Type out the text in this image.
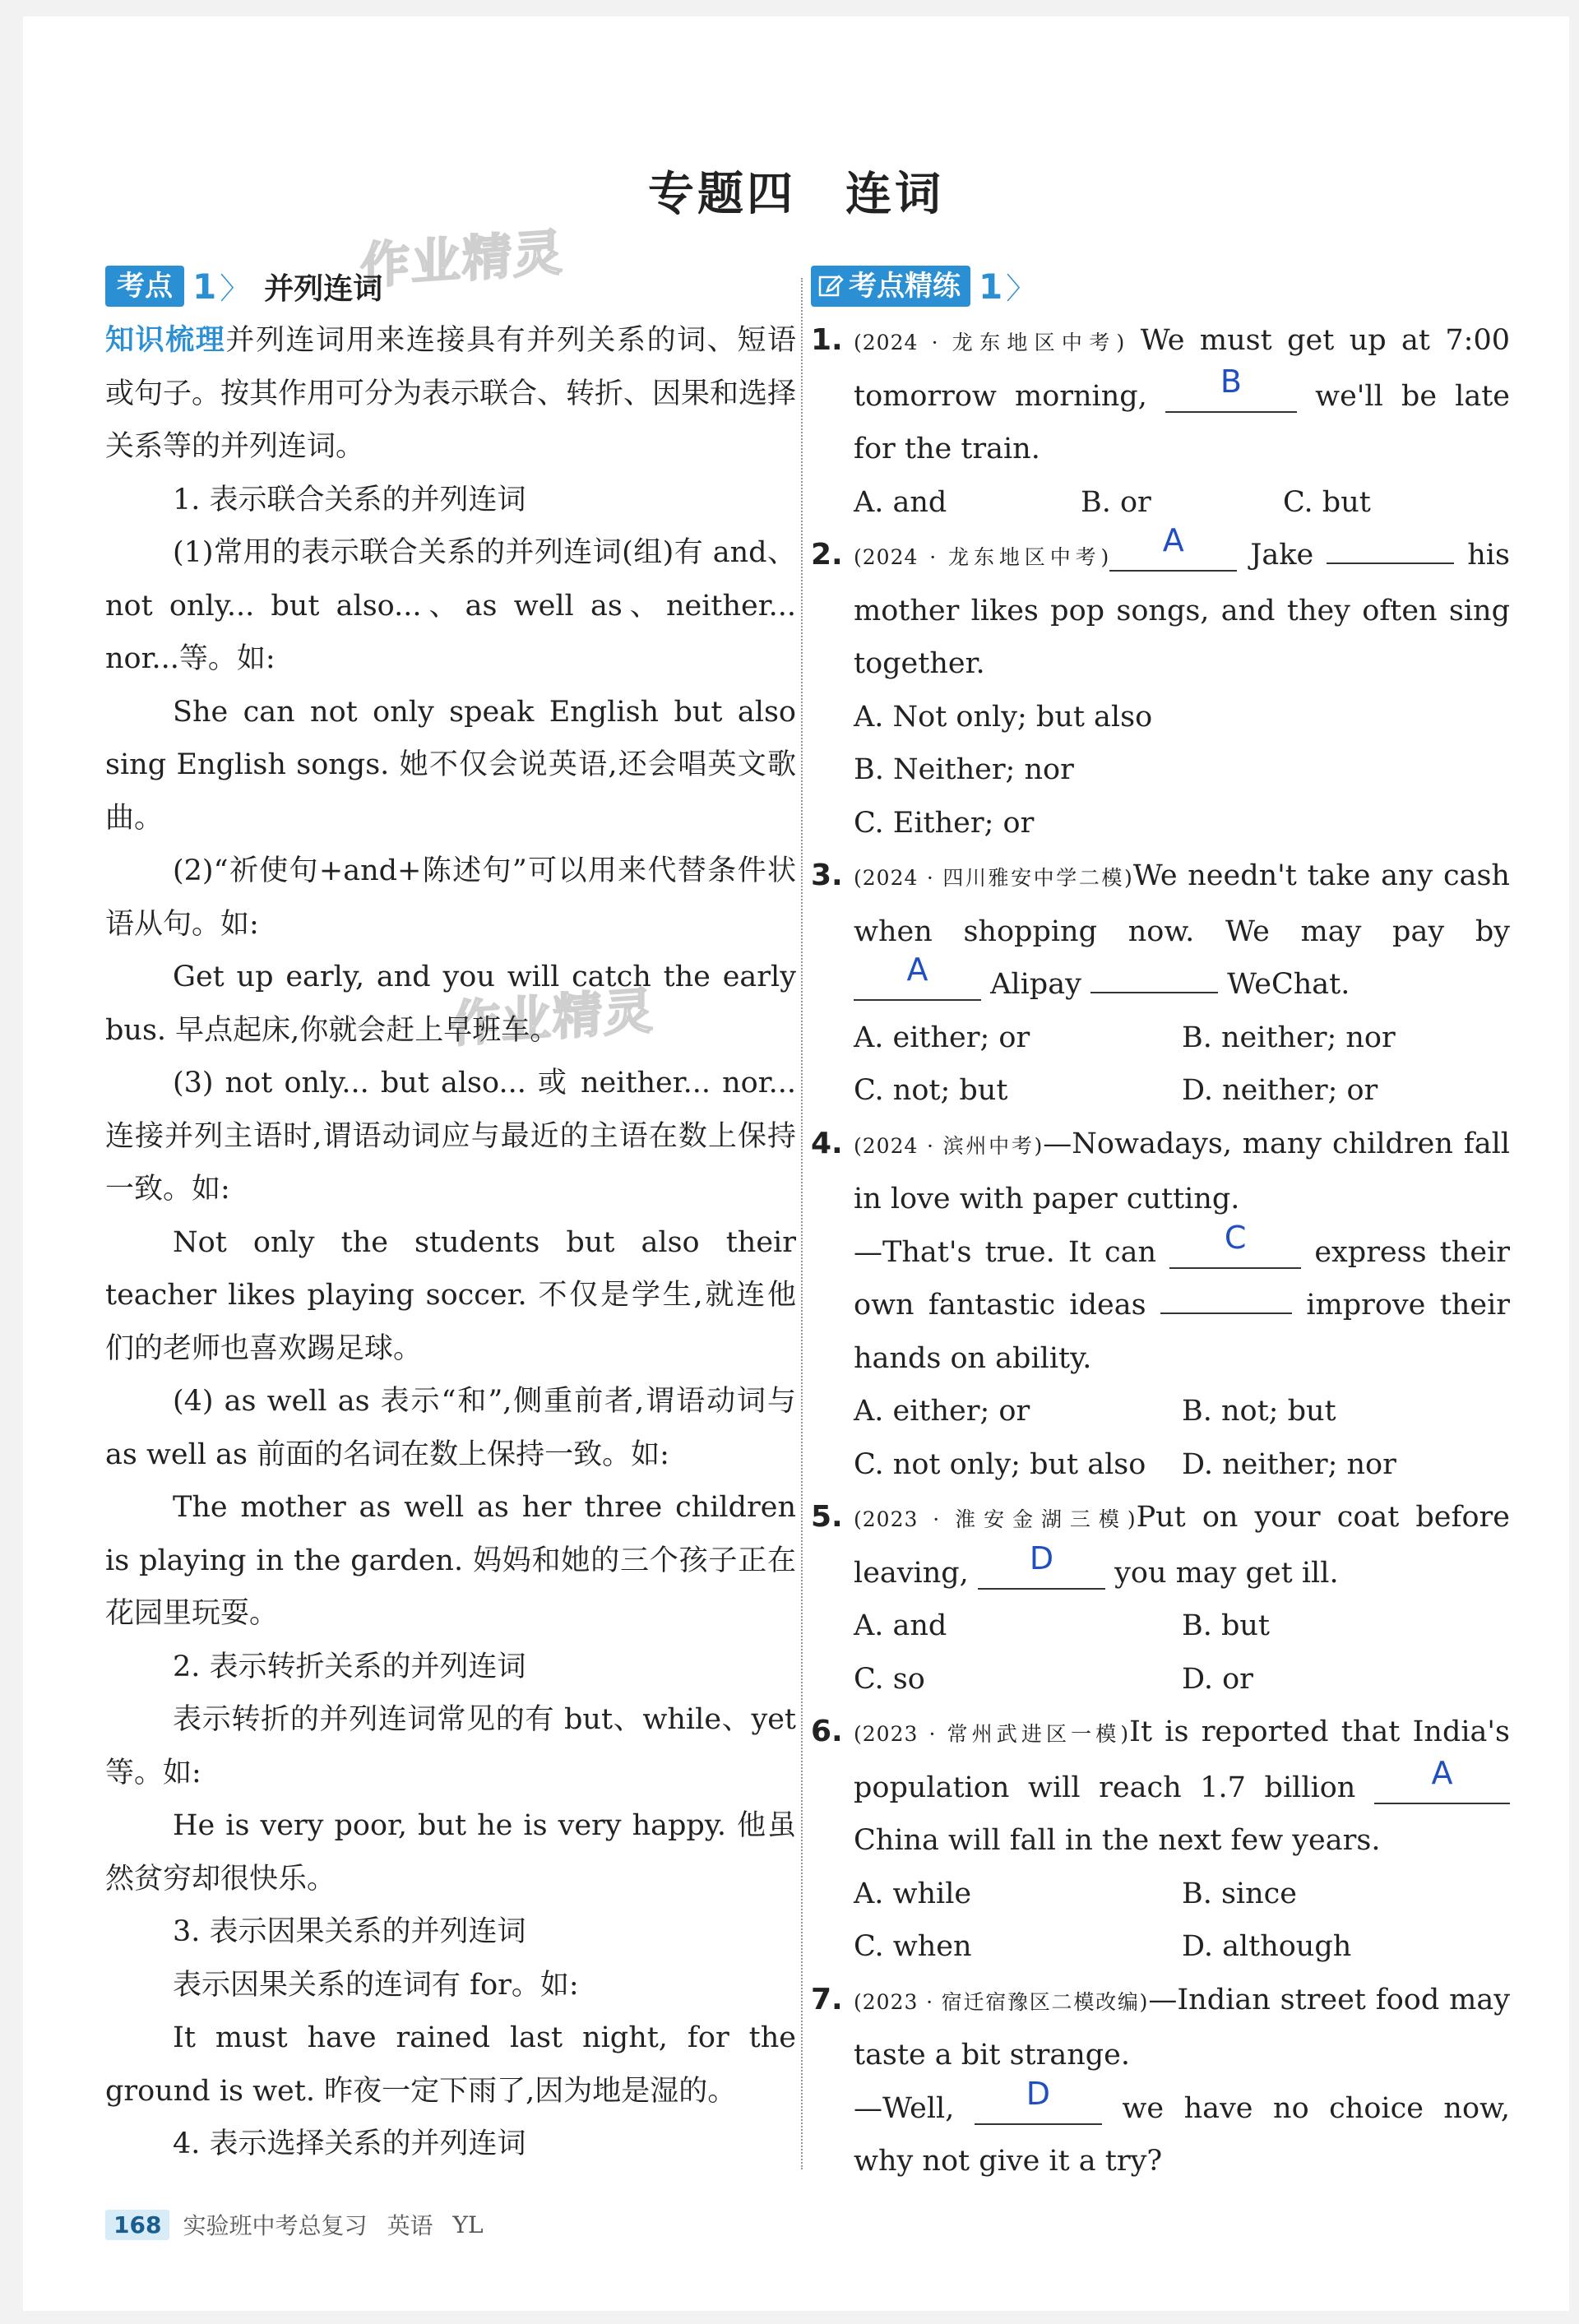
专题四 连词
作业精灵
作业精灵
考点 1 〉 并列连词

知识梳理并列连词用来连接具有并列关系的词、短语或句子。按其作用可分为表示联合、转折、因果和选择关系等的并列连词。

1. 表示联合关系的并列连词

(1)常用的表示联合关系的并列连词(组)有 and、not only... but also...、as well as、neither... nor...等。如:

She can not only speak English but also sing English songs. 她不仅会说英语,还会唱英文歌曲。

(2)“祈使句+and+陈述句”可以用来代替条件状语从句。如:

Get up early, and you will catch the early bus. 早点起床,你就会赶上早班车。

(3) not only... but also... 或 neither... nor...连接并列主语时,谓语动词应与最近的主语在数上保持一致。如:

Not only the students but also their teacher likes playing soccer. 不仅是学生,就连他们的老师也喜欢踢足球。

(4) as well as 表示“和”,侧重前者,谓语动词与 as well as 前面的名词在数上保持一致。如:

The mother as well as her three children is playing in the garden. 妈妈和她的三个孩子正在花园里玩耍。

2. 表示转折关系的并列连词

表示转折的并列连词常见的有 but、while、yet 等。如:

He is very poor, but he is very happy. 他虽然贫穷却很快乐。

3. 表示因果关系的并列连词

表示因果关系的连词有 for。如:

It must have rained last night, for the ground is wet. 昨夜一定下雨了,因为地是湿的。

4. 表示选择关系的并列连词

考点精练 1 〉
1. (2024 · 龙东地区中考) We must get up at 7:00 tomorrow morning, B	we'll be late for the train.
A. and	B. or	C. but
2. (2024 · 龙东地区中考) A Jake	his mother likes pop songs, and they often sing together.
A. Not only; but also
B. Neither; nor
C. Either; or
3. (2024 · 四川雅安中学二模)We needn't take any cash when shopping now. We may pay by A Alipay	WeChat.
A. either; or	B. neither; nor
C. not; but	D. neither; or
4. (2024 · 滨州中考)—Nowadays, many children fall in love with paper cutting.
—That's true. It can C express their own fantastic ideas	improve their hands on ability.
A. either; or	B. not; but
C. not only; but also	D. neither; nor
5. (2023 · 淮安金湖三模)Put on your coat before leaving, D you may get ill.
A. and	B. but
C. so	D. or
6. (2023 · 常州武进区一模)It is reported that India's population will reach 1.7 billion A China will fall in the next few years.
A. while	B. since
C. when	D. although
7. (2023 · 宿迁宿豫区二模改编)—Indian street food may taste a bit strange.
—Well, D we have no choice now, why not give it a try?
168 实验班中考总复习 英语 YL
